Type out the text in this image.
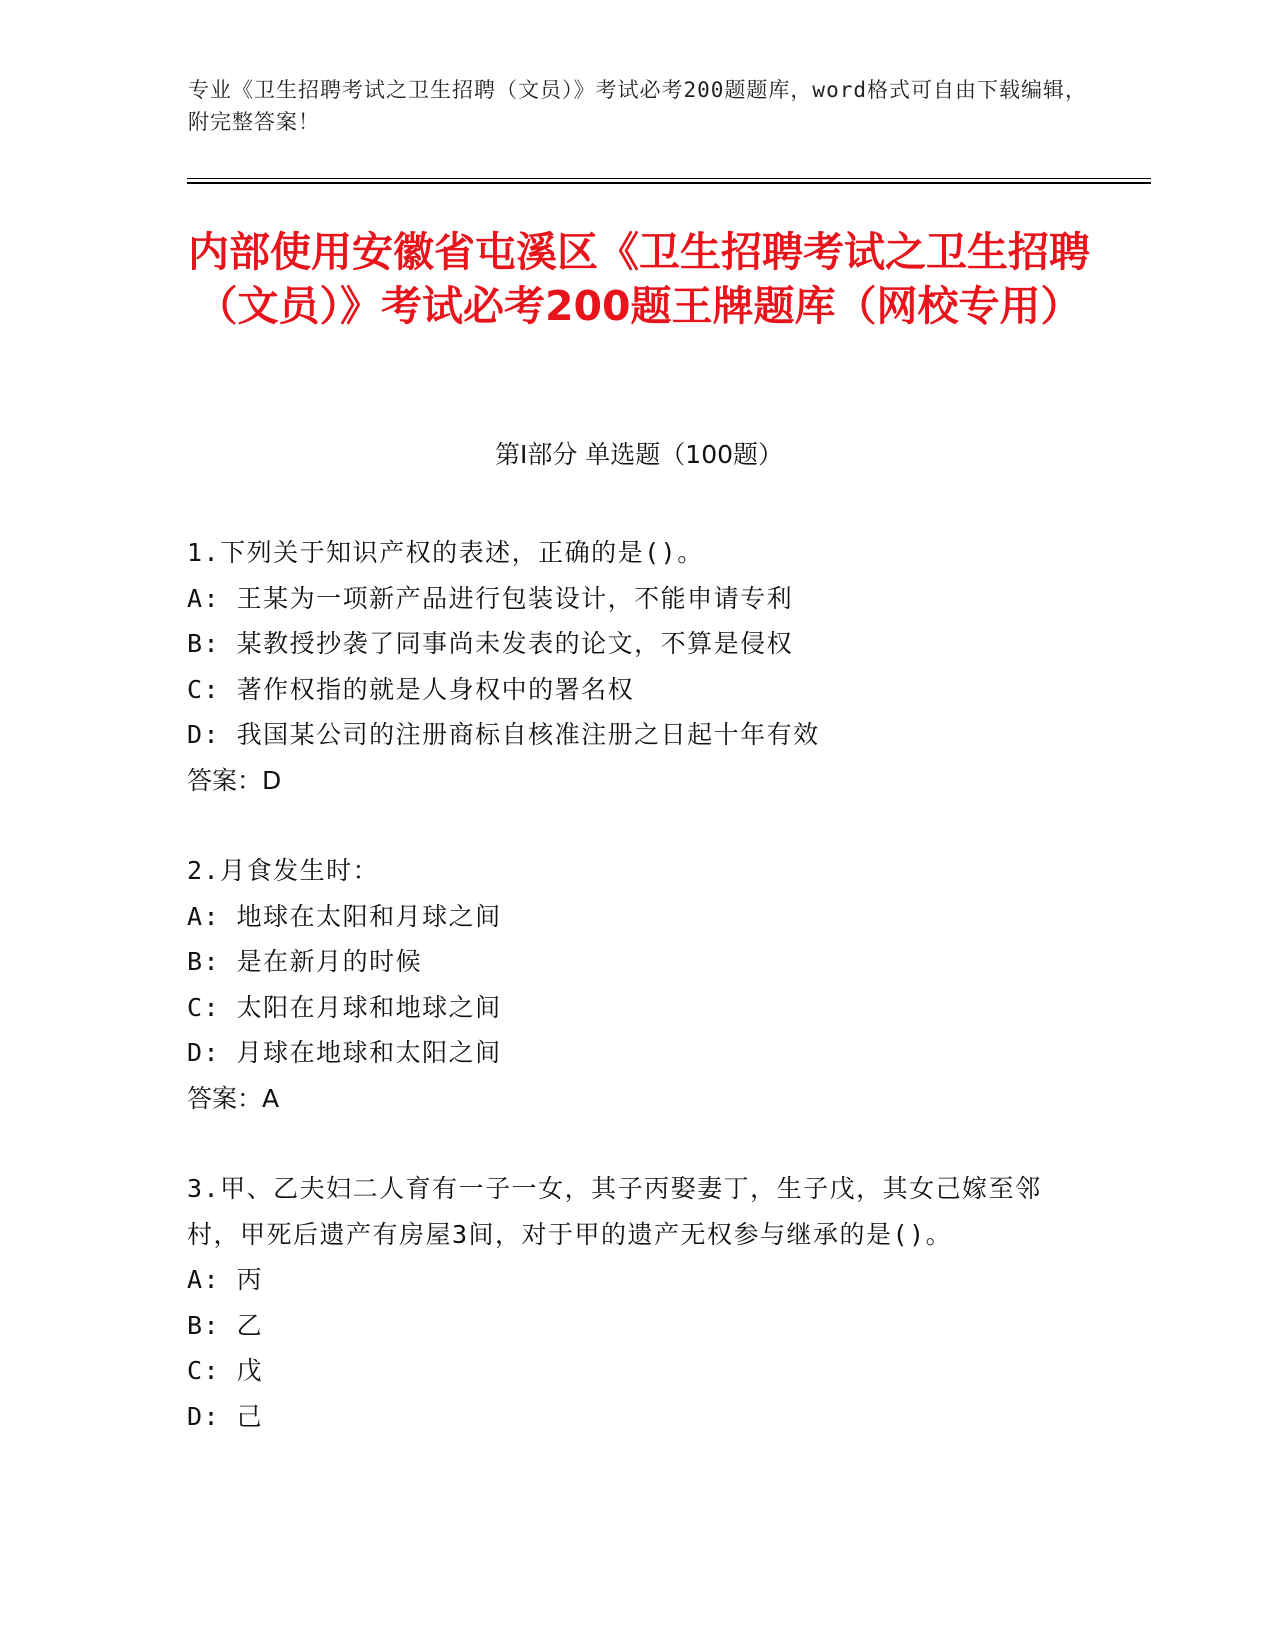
专业《卫生招聘考试之卫生招聘（文员）》考试必考200题题库，word格式可自由下载编辑，附完整答案！
内部使用安徽省屯溪区《卫生招聘考试之卫生招聘（文员）》考试必考200题王牌题库（网校专用）
第Ⅰ部分 单选题（100题）
1.下列关于知识产权的表述，正确的是()。
A: 王某为一项新产品进行包装设计，不能申请专利
B: 某教授抄袭了同事尚未发表的论文，不算是侵权
C: 著作权指的就是人身权中的署名权
D: 我国某公司的注册商标自核准注册之日起十年有效
答案：D
2.月食发生时：
A: 地球在太阳和月球之间
B: 是在新月的时候
C: 太阳在月球和地球之间
D: 月球在地球和太阳之间
答案：A
3.甲、乙夫妇二人育有一子一女，其子丙娶妻丁，生子戊，其女己嫁至邻村，甲死后遗产有房屋3间，对于甲的遗产无权参与继承的是()。
A: 丙
B: 乙
C: 戊
D: 己
